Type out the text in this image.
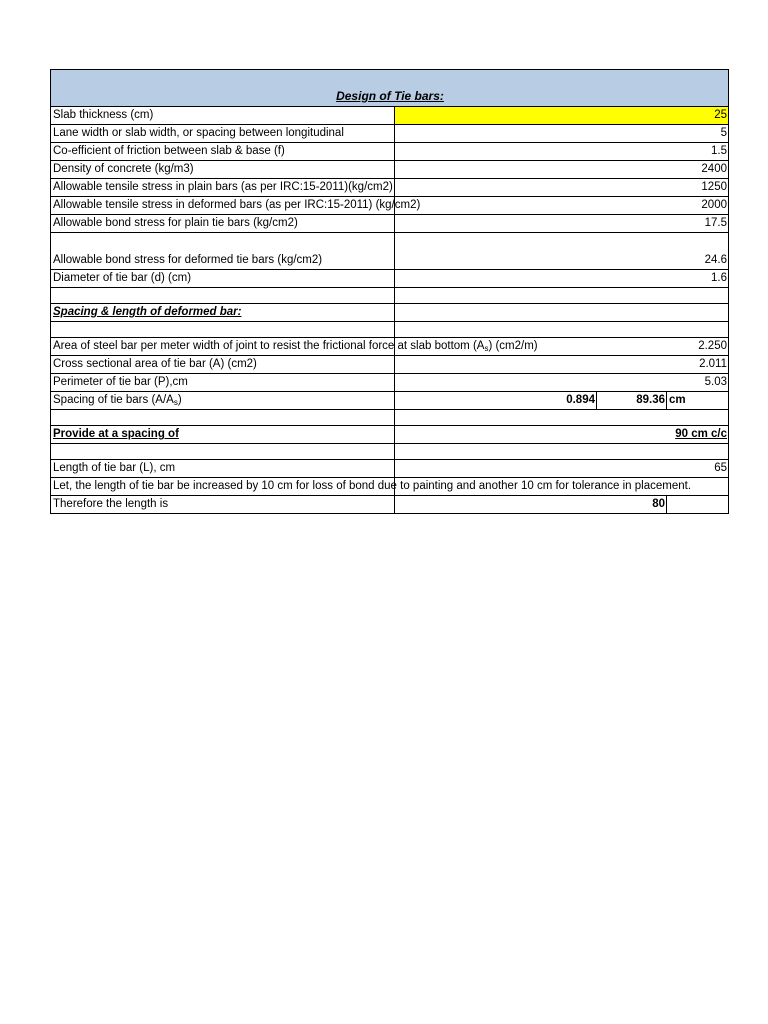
Design of Tie bars:			
Slab thickness (cm)	25		
Lane width or slab width, or spacing between longitudinal	5		
Co-efficient of friction between slab & base (f)	1.5		
Density of concrete (kg/m3)	2400		
Allowable tensile stress in plain bars (as per IRC:15-2011)(kg/cm2)	1250		
Allowable tensile stress in deformed bars (as per IRC:15-2011) (kg/cm2)	2000		
Allowable bond stress for plain tie bars (kg/cm2)	17.5		
Allowable bond stress for deformed tie bars (kg/cm2)	24.6		
Diameter of tie bar (d) (cm)	1.6		

Spacing & length of deformed bar:			

Area of steel bar per meter width of joint to resist the frictional force at slab bottom $(A_s)$ (cm2/m)	2.250		
Cross sectional area of tie bar (A) (cm2)	2.011		
Perimeter of tie bar (P),cm	5.03		
Spacing of tie bars $(A/A_s)$	0.894	89.36	cm

Provide at a spacing of	90 cm c/c		

Length of tie bar (L), cm	65		
Let, the length of tie bar be increased by 10 cm for loss of bond due to painting and another 10 cm for tolerance in placement.			
Therefore the length is	80		
